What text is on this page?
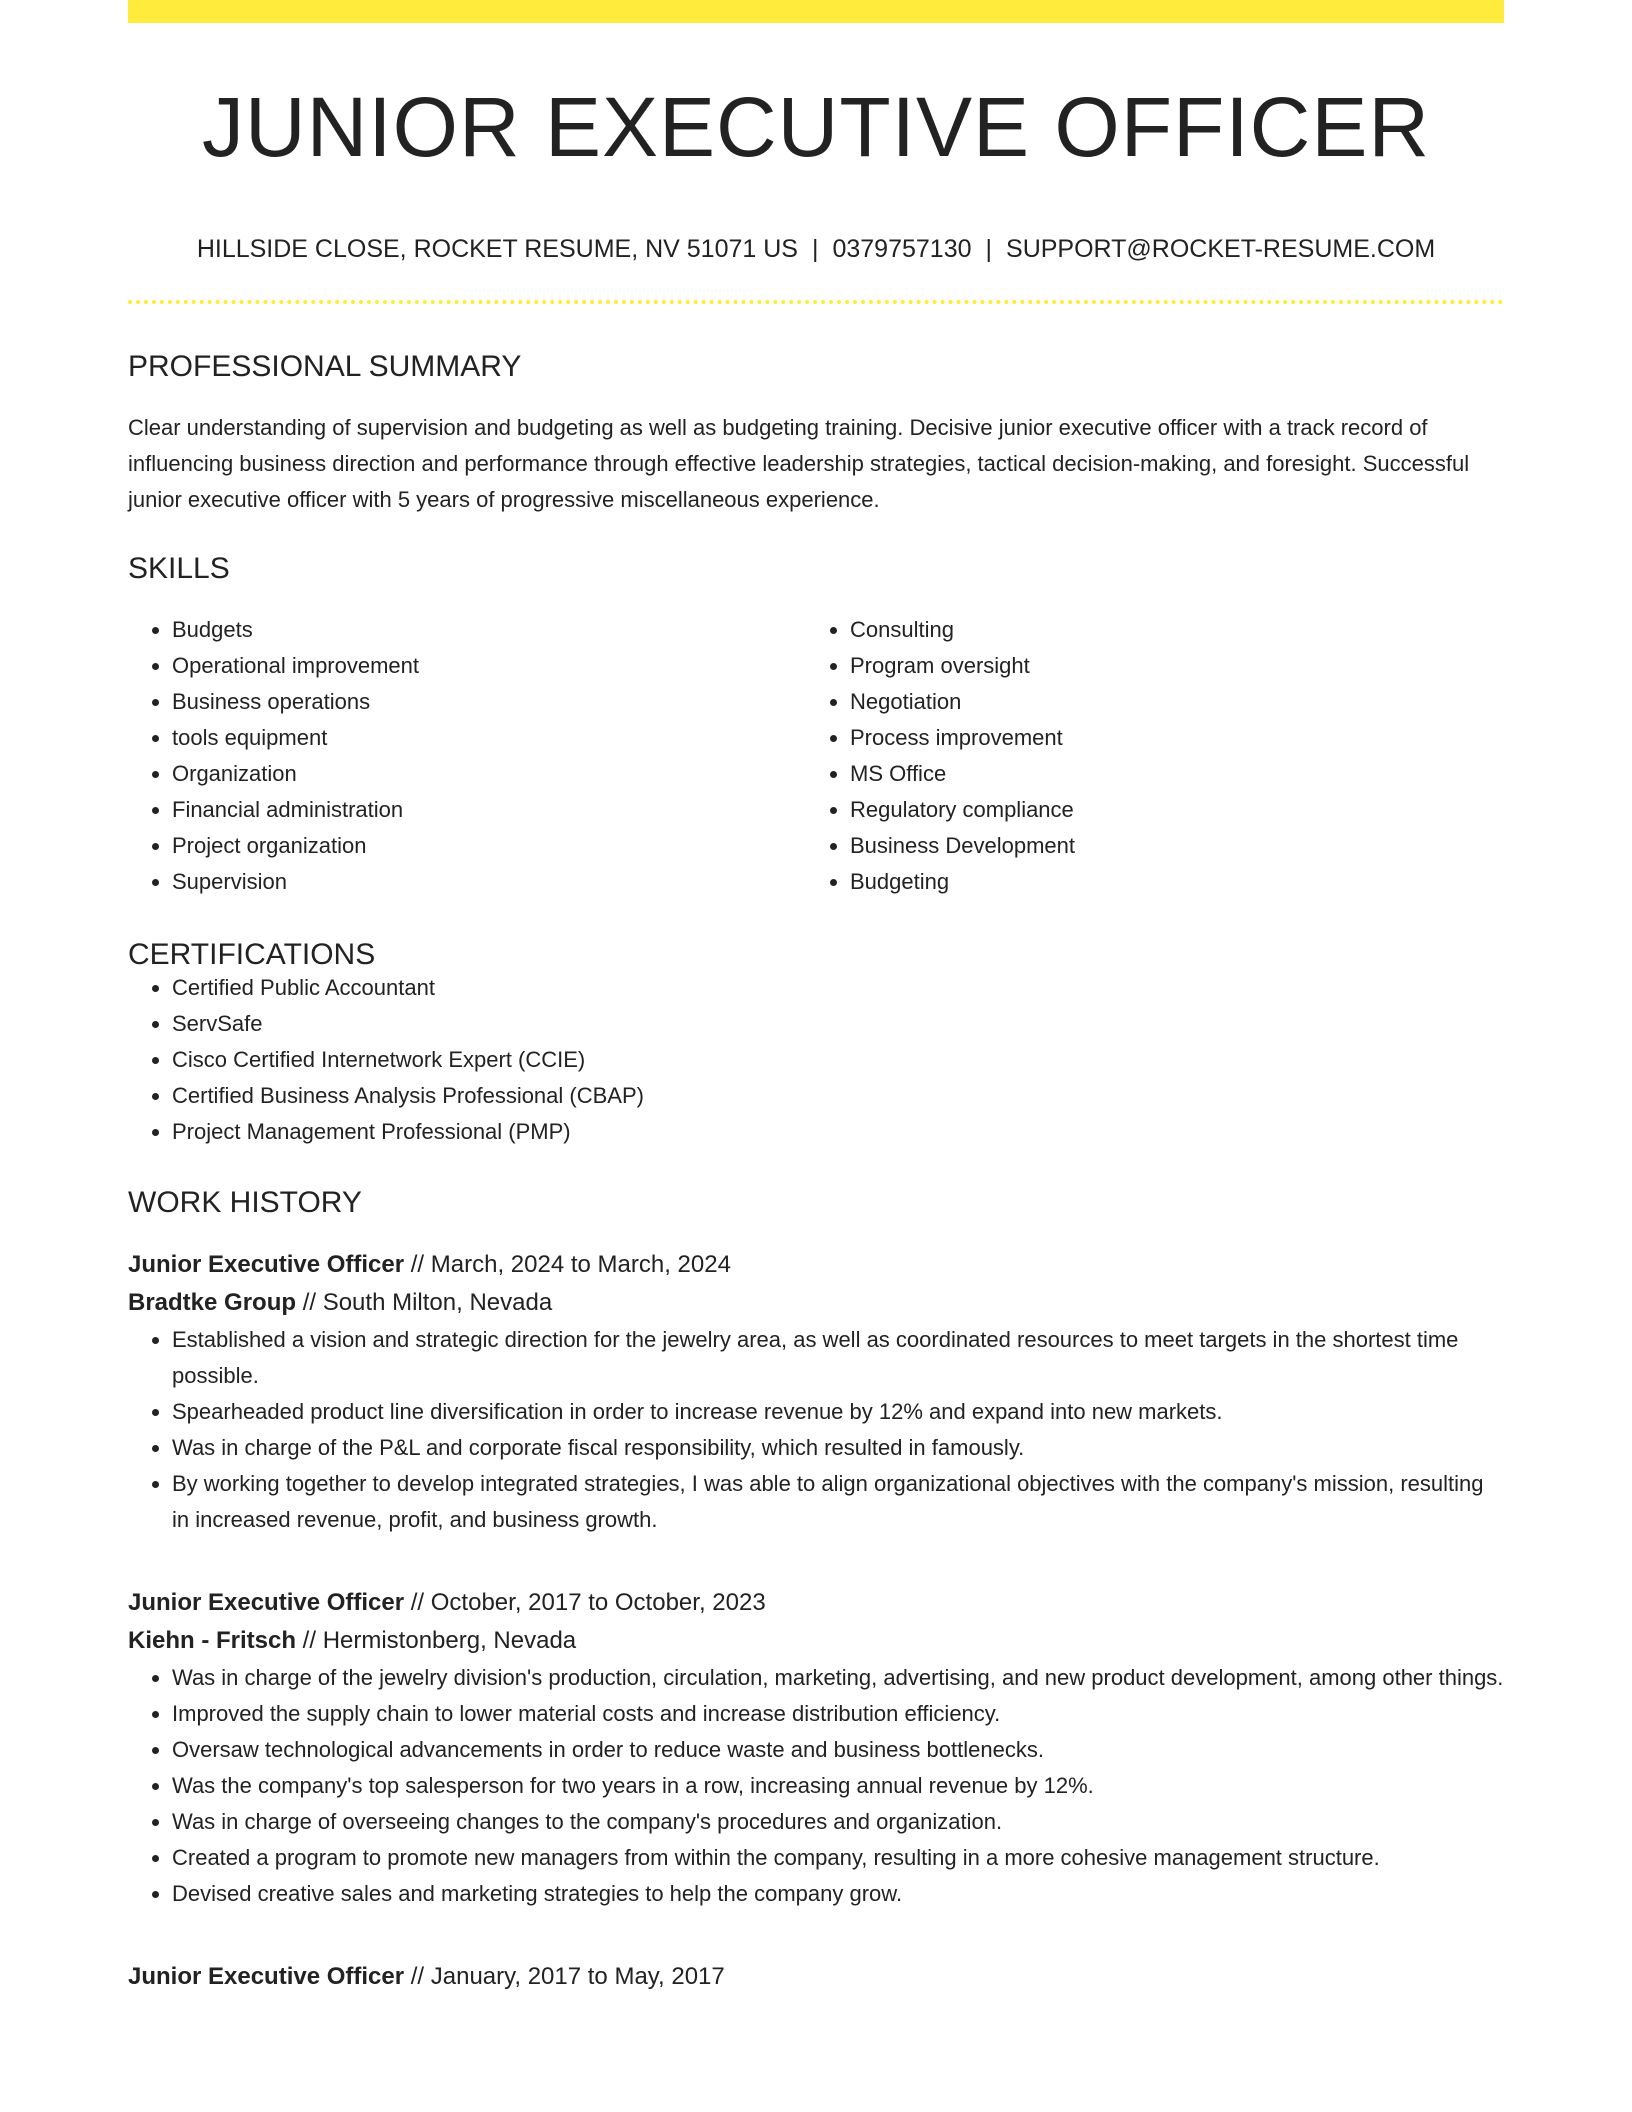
JUNIOR EXECUTIVE OFFICER
HILLSIDE CLOSE, ROCKET RESUME, NV 51071 US | 0379757130 | SUPPORT@ROCKET-RESUME.COM
PROFESSIONAL SUMMARY
Clear understanding of supervision and budgeting as well as budgeting training. Decisive junior executive officer with a track record of influencing business direction and performance through effective leadership strategies, tactical decision-making, and foresight. Successful junior executive officer with 5 years of progressive miscellaneous experience.
SKILLS
• Budgets
• Operational improvement
• Business operations
• tools equipment
• Organization
• Financial administration
• Project organization
• Supervision
• Consulting
• Program oversight
• Negotiation
• Process improvement
• MS Office
• Regulatory compliance
• Business Development
• Budgeting
CERTIFICATIONS
• Certified Public Accountant
• ServSafe
• Cisco Certified Internetwork Expert (CCIE)
• Certified Business Analysis Professional (CBAP)
• Project Management Professional (PMP)
WORK HISTORY
Junior Executive Officer // March, 2024 to March, 2024
Bradtke Group // South Milton, Nevada
• Established a vision and strategic direction for the jewelry area, as well as coordinated resources to meet targets in the shortest time possible.
• Spearheaded product line diversification in order to increase revenue by 12% and expand into new markets.
• Was in charge of the P&L and corporate fiscal responsibility, which resulted in famously.
• By working together to develop integrated strategies, I was able to align organizational objectives with the company's mission, resulting in increased revenue, profit, and business growth.
Junior Executive Officer // October, 2017 to October, 2023
Kiehn - Fritsch // Hermistonberg, Nevada
• Was in charge of the jewelry division's production, circulation, marketing, advertising, and new product development, among other things.
• Improved the supply chain to lower material costs and increase distribution efficiency.
• Oversaw technological advancements in order to reduce waste and business bottlenecks.
• Was the company's top salesperson for two years in a row, increasing annual revenue by 12%.
• Was in charge of overseeing changes to the company's procedures and organization.
• Created a program to promote new managers from within the company, resulting in a more cohesive management structure.
• Devised creative sales and marketing strategies to help the company grow.
Junior Executive Officer // January, 2017 to May, 2017
